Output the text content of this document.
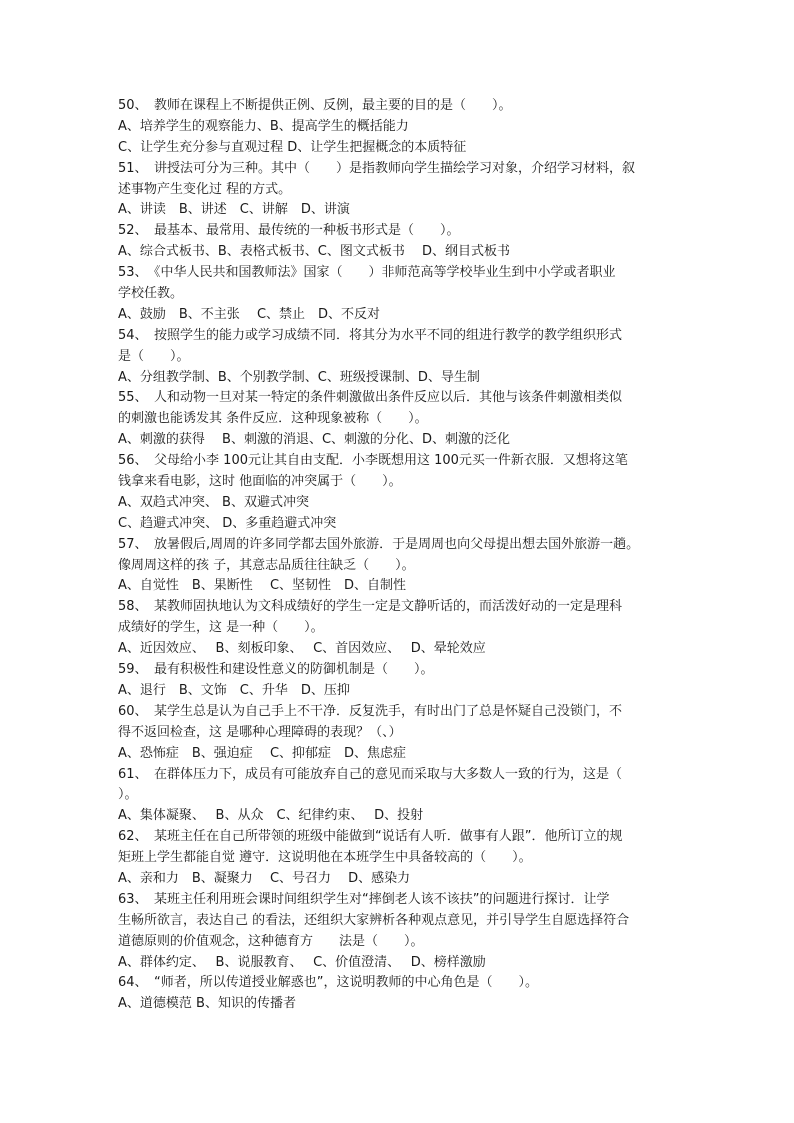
50、　教师在课程上不断提供正例、反例，最主要的目的是（　　）。
A、培养学生的观察能力、B、提高学生的概括能力
C、让学生充分参与直观过程 D、让学生把握概念的本质特征
51、　讲授法可分为三种。其中（　　）是指教师向学生描绘学习对象，介绍学习材料，叙
述事物产生变化过 程的方式。
A、讲读　B、讲述　C、讲解　D、讲演
52、　最基本、最常用、最传统的一种板书形式是（　　）。
A、综合式板书、B、表格式板书、C、图文式板书　 D、纲目式板书
53、　《中华人民共和国教师法》国家（　　）非师范高等学校毕业生到中小学或者职业
学校任教。
A、鼓励　B、不主张　 C、禁止　D、不反对
54、　按照学生的能力或学习成绩不同．将其分为水平不同的组进行教学的教学组织形式
是（　　）。
A、分组教学制、B、个别教学制、C、班级授课制、D、导生制
55、　人和动物一旦对某一特定的条件刺激做出条件反应以后．其他与该条件刺激相类似
的刺激也能诱发其 条件反应．这种现象被称（　　）。
A、刺激的获得　 B、刺激的消退、C、刺激的分化、D、刺激的泛化
56、　父母给小李 100元让其自由支配．小李既想用这 100元买一件新衣服．又想将这笔
钱拿来看电影，这时 他面临的冲突属于（　　）。
A、双趋式冲突、 B、双避式冲突
C、趋避式冲突、 D、多重趋避式冲突
57、　放暑假后,周周的许多同学都去国外旅游．于是周周也向父母提出想去国外旅游一趟。
像周周这样的孩 子，其意志品质往往缺乏（　　）。
A、自觉性　B、果断性　 C、坚韧性　D、自制性
58、　某教师固执地认为文科成绩好的学生一定是文静听话的，而活泼好动的一定是理科
成绩好的学生，这 是一种（　　）。
A、近因效应、　 B、刻板印象、　 C、首因效应、　 D、晕轮效应
59、　最有积极性和建设性意义的防御机制是（　　）。
A、退行　B、文饰　C、升华　D、压抑
60、　某学生总是认为自己手上不干净．反复洗手，有时出门了总是怀疑自己没锁门，不
得不返回检查，这 是哪种心理障碍的表现？（、）
A、恐怖症　B、强迫症　 C、抑郁症　D、焦虑症
61、　在群体压力下，成员有可能放弃自己的意见而采取与大多数人一致的行为，这是（
）。
A、集体凝聚、　 B、从众　C、纪律约束、　 D、投射
62、　某班主任在自己所带领的班级中能做到“说话有人听．做事有人跟”．他所订立的规
矩班上学生都能自觉 遵守．这说明他在本班学生中具备较高的（　　）。
A、亲和力　B、凝聚力　 C、号召力　 D、感染力
63、　某班主任利用班会课时间组织学生对“摔倒老人该不该扶”的问题进行探讨．让学
生畅所欲言，表达自己 的看法，还组织大家辨析各种观点意见，并引导学生自愿选择符合
道德原则的价值观念，这种德育方　　法是（　　）。
A、群体约定、　 B、说服教育、　 C、价值澄清、　 D、榜样激励
64、　“师者，所以传道授业解惑也”，这说明教师的中心角色是（　　）。
A、道德模范 B、知识的传播者
